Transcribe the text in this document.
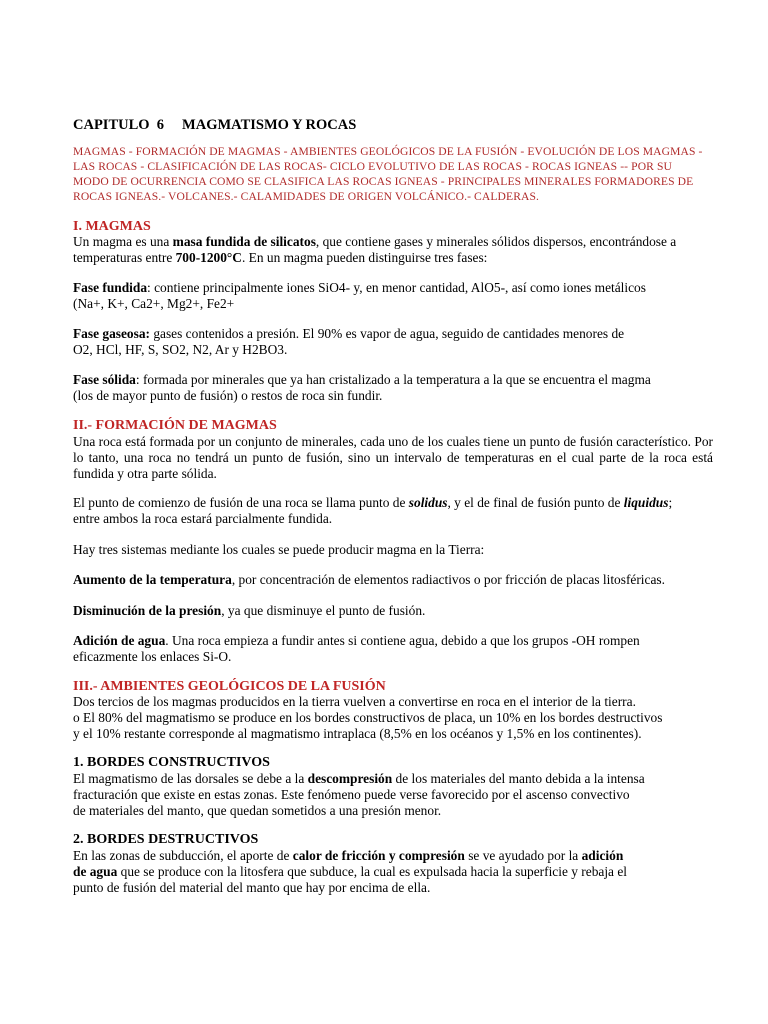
CAPITULO  6 MAGMATISMO Y ROCAS
MAGMAS - FORMACIÓN DE MAGMAS - AMBIENTES GEOLÓGICOS DE LA FUSIÓN - EVOLUCIÓN DE LOS MAGMAS - LAS ROCAS - CLASIFICACIÓN DE LAS ROCAS- CICLO EVOLUTIVO DE LAS ROCAS - ROCAS IGNEAS -- POR SU MODO DE OCURRENCIA COMO SE CLASIFICA LAS ROCAS IGNEAS - PRINCIPALES MINERALES FORMADORES DE ROCAS IGNEAS.- VOLCANES.- CALAMIDADES DE ORIGEN VOLCÁNICO.- CALDERAS.
I. MAGMAS
Un magma es una masa fundida de silicatos, que contiene gases y minerales sólidos dispersos, encontrándose a temperaturas entre 700-1200°C. En un magma pueden distinguirse tres fases:
Fase fundida: contiene principalmente iones SiO4- y, en menor cantidad, AlO5-, así como iones metálicos
(Na+, K+, Ca2+, Mg2+, Fe2+
Fase gaseosa: gases contenidos a presión. El 90% es vapor de agua, seguido de cantidades menores de
O2, HCl, HF, S, SO2, N2, Ar y H2BO3.
Fase sólida: formada por minerales que ya han cristalizado a la temperatura a la que se encuentra el magma
(los de mayor punto de fusión) o restos de roca sin fundir.
II.- FORMACIÓN DE MAGMAS
Una roca está formada por un conjunto de minerales, cada uno de los cuales tiene un punto de fusión característico. Por lo tanto, una roca no tendrá un punto de fusión, sino un intervalo de temperaturas en el cual parte de la roca está fundida y otra parte sólida.
El punto de comienzo de fusión de una roca se llama punto de solidus, y el de final de fusión punto de liquidus;
entre ambos la roca estará parcialmente fundida.
Hay tres sistemas mediante los cuales se puede producir magma en la Tierra:
Aumento de la temperatura, por concentración de elementos radiactivos o por fricción de placas litosféricas.
Disminución de la presión, ya que disminuye el punto de fusión.
Adición de agua. Una roca empieza a fundir antes si contiene agua, debido a que los grupos -OH rompen
eficazmente los enlaces Si-O.
III.- AMBIENTES GEOLÓGICOS DE LA FUSIÓN
Dos tercios de los magmas producidos en la tierra vuelven a convertirse en roca en el interior de la tierra.
o El 80% del magmatismo se produce en los bordes constructivos de placa, un 10% en los bordes destructivos
y el 10% restante corresponde al magmatismo intraplaca (8,5% en los océanos y 1,5% en los continentes).
1. BORDES CONSTRUCTIVOS
El magmatismo de las dorsales se debe a la descompresión de los materiales del manto debida a la intensa
fracturación que existe en estas zonas. Este fenómeno puede verse favorecido por el ascenso convectivo
de materiales del manto, que quedan sometidos a una presión menor.
2. BORDES DESTRUCTIVOS
En las zonas de subducción, el aporte de calor de fricción y compresión se ve ayudado por la adición
de agua que se produce con la litosfera que subduce, la cual es expulsada hacia la superficie y rebaja el
punto de fusión del material del manto que hay por encima de ella.
